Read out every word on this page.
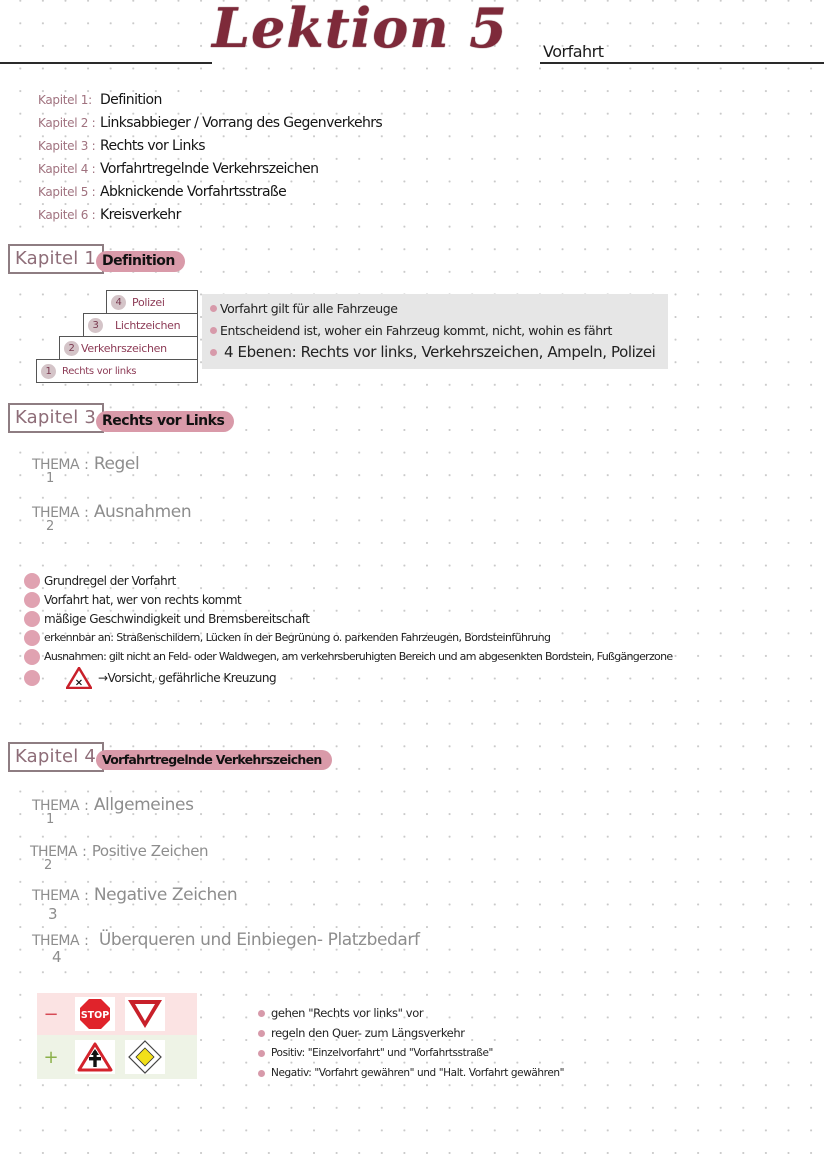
Lektion 5 Vorfahrt
Kapitel 1: Definition
Kapitel 2 : Linksabbieger / Vorrang des Gegenverkehrs
Kapitel 3 : Rechts vor Links
Kapitel 4 : Vorfahrtregelnde Verkehrszeichen
Kapitel 5 : Abknickende Vorfahrtsstraße
Kapitel 6 : Kreisverkehr
Kapitel 1 Definition
4 Polizei
3	Lichtzeichen
2 Verkehrszeichen
1	Rechts vor links
Vorfahrt gilt für alle Fahrzeuge
Entscheidend ist, woher ein Fahrzeug kommt, nicht, wohin es fährt
4 Ebenen: Rechts vor links, Verkehrszeichen, Ampeln, Polizei
Kapitel 3 Rechts vor Links
THEMA : Regel
1
THEMA : Ausnahmen
2
Grundregel der Vorfahrt
Vorfahrt hat, wer von rechts kommt
mäßige Geschwindigkeit und Bremsbereitschaft
erkennbar an: Straßenschildern, Lücken in der Begrünung o. parkenden Fahrzeugen, Bordsteinführung
Ausnahmen: gilt nicht an Feld- oder Waldwegen, am verkehrsberuhigten Bereich und am abgesenkten Bordstein, Fußgängerzone
× →Vorsicht, gefährliche Kreuzung
Kapitel 4 Vorfahrtregelnde Verkehrszeichen
THEMA : Allgemeines
1
THEMA : Positive Zeichen
2
THEMA : Negative Zeichen
3
THEMA : Überqueren und Einbiegen- Platzbedarf
4
−	STOP
+
gehen "Rechts vor links" vor
regeln den Quer- zum Längsverkehr
Positiv: "Einzelvorfahrt" und "Vorfahrtsstraße"
Negativ: "Vorfahrt gewähren" und "Halt. Vorfahrt gewähren"
